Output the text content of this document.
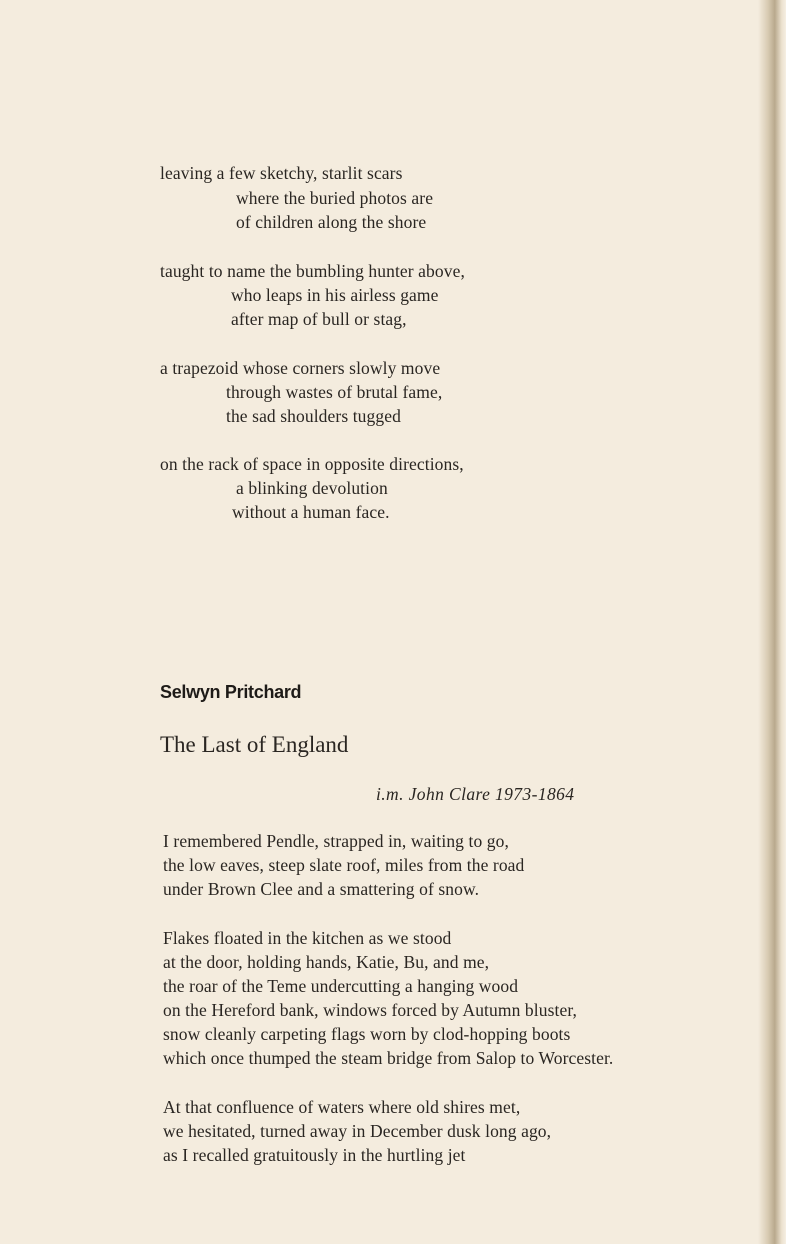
leaving a few sketchy, starlit scars
where the buried photos are
of children along the shore
taught to name the bumbling hunter above,
who leaps in his airless game
after map of bull or stag,
a trapezoid whose corners slowly move
through wastes of brutal fame,
the sad shoulders tugged
on the rack of space in opposite directions,
a blinking devolution
without a human face.
Selwyn Pritchard
The Last of England
i.m. John Clare 1973-1864
I remembered Pendle, strapped in, waiting to go,
the low eaves, steep slate roof, miles from the road
under Brown Clee and a smattering of snow.
Flakes floated in the kitchen as we stood
at the door, holding hands, Katie, Bu, and me,
the roar of the Teme undercutting a hanging wood
on the Hereford bank, windows forced by Autumn bluster,
snow cleanly carpeting flags worn by clod-hopping boots
which once thumped the steam bridge from Salop to Worcester.
At that confluence of waters where old shires met,
we hesitated, turned away in December dusk long ago,
as I recalled gratuitously in the hurtling jet
